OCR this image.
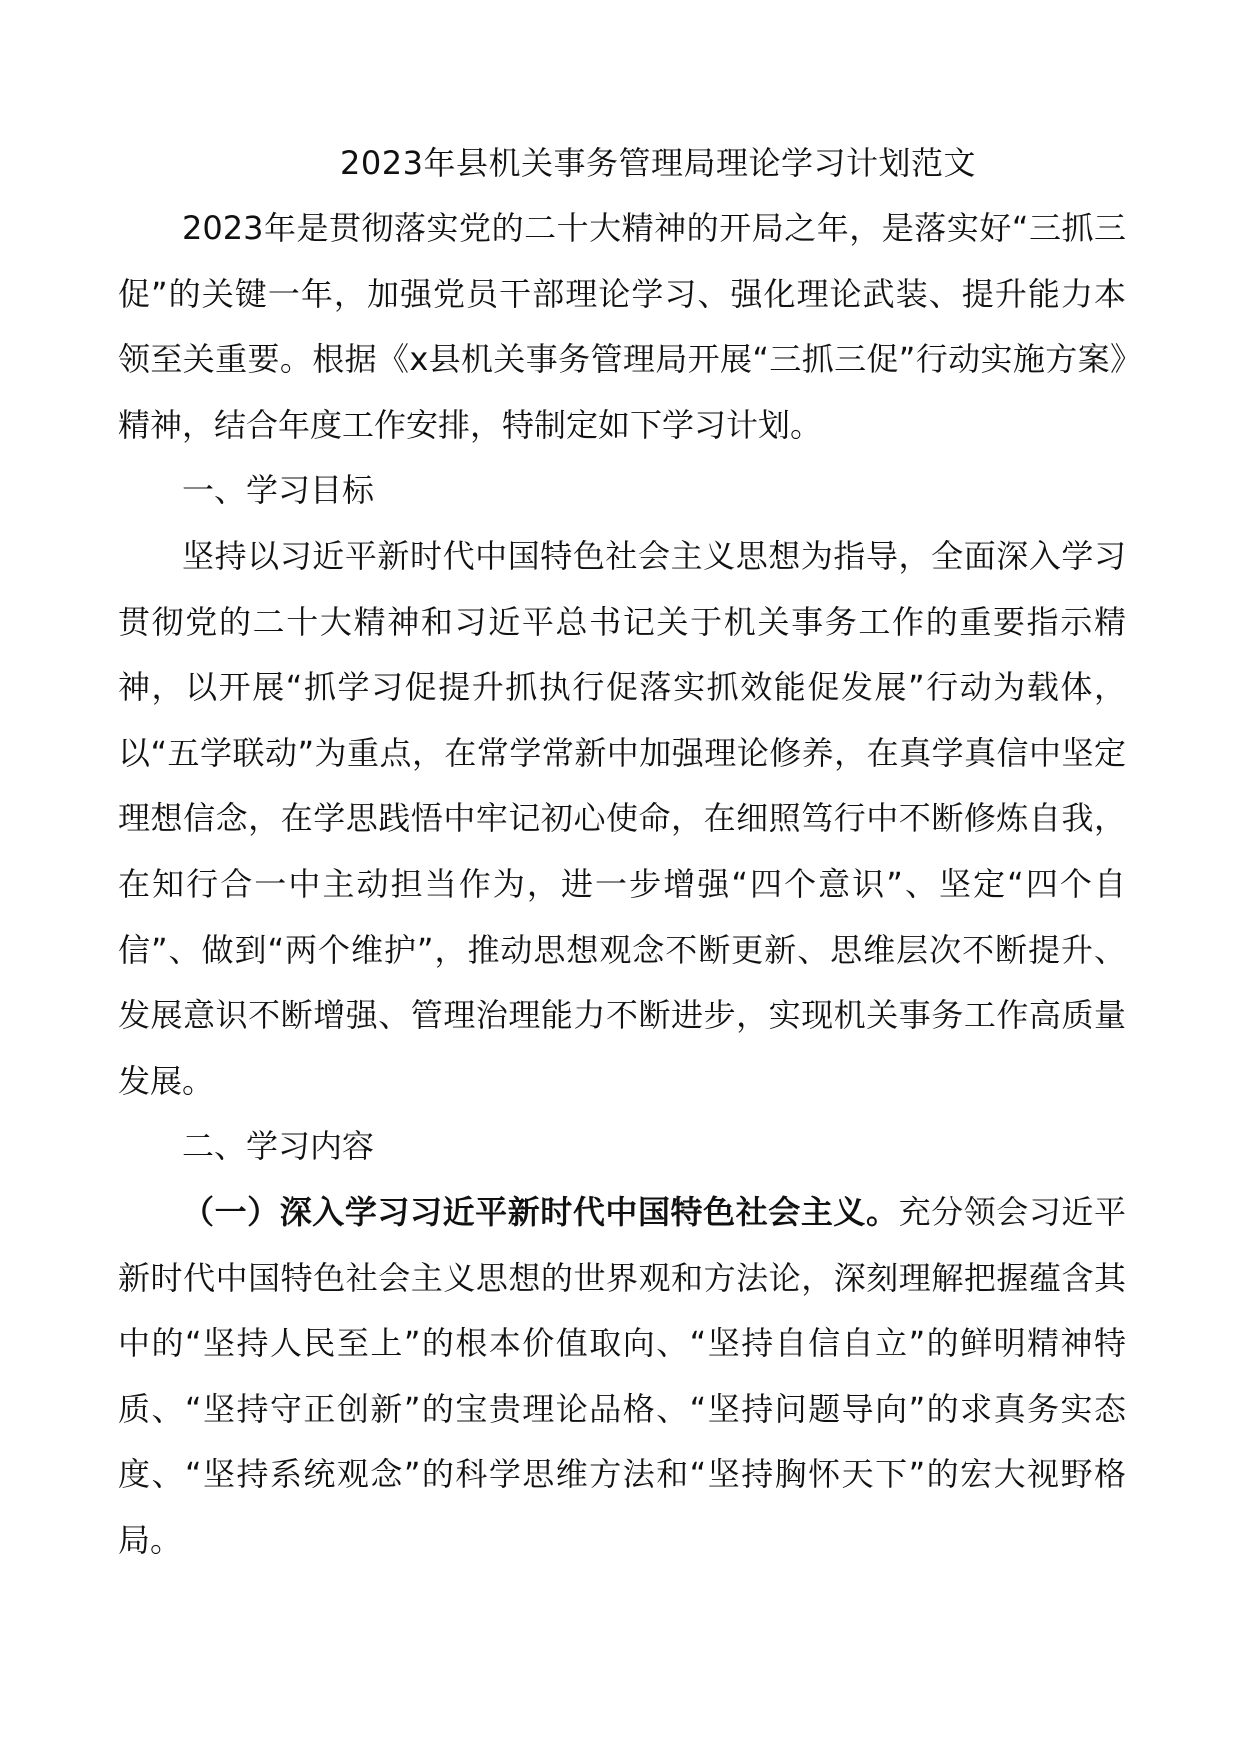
2023年县机关事务管理局理论学习计划范文

2023年是贯彻落实党的二十大精神的开局之年，是落实好“三抓三促”的关键一年，加强党员干部理论学习、强化理论武装、提升能力本领至关重要。根据《x县机关事务管理局开展“三抓三促”行动实施方案》精神，结合年度工作安排，特制定如下学习计划。

一、学习目标

坚持以习近平新时代中国特色社会主义思想为指导，全面深入学习贯彻党的二十大精神和习近平总书记关于机关事务工作的重要指示精神，以开展“抓学习促提升抓执行促落实抓效能促发展”行动为载体，以“五学联动”为重点，在常学常新中加强理论修养，在真学真信中坚定理想信念，在学思践悟中牢记初心使命，在细照笃行中不断修炼自我，在知行合一中主动担当作为，进一步增强“四个意识”、坚定“四个自信”、做到“两个维护”，推动思想观念不断更新、思维层次不断提升、发展意识不断增强、管理治理能力不断进步，实现机关事务工作高质量发展。

二、学习内容

（一）深入学习习近平新时代中国特色社会主义。充分领会习近平新时代中国特色社会主义思想的世界观和方法论，深刻理解把握蕴含其中的“坚持人民至上”的根本价值取向、“坚持自信自立”的鲜明精神特质、“坚持守正创新”的宝贵理论品格、“坚持问题导向”的求真务实态度、“坚持系统观念”的科学思维方法和“坚持胸怀天下”的宏大视野格局。
